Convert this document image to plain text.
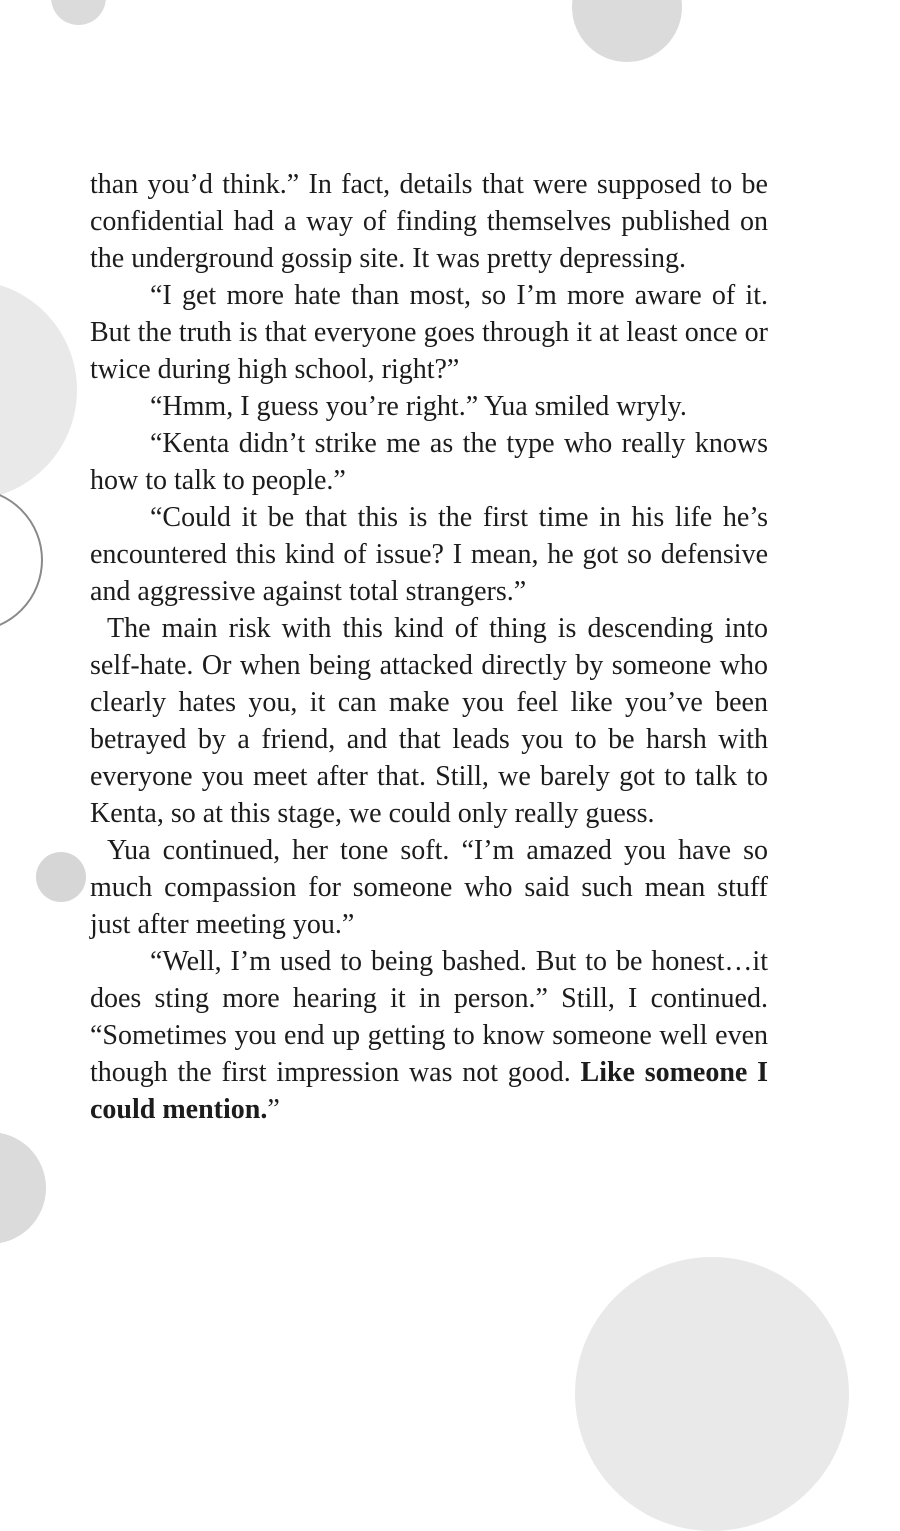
than you’d think.” In fact, details that were supposed to be confidential had a way of finding themselves published on the underground gossip site. It was pretty depressing.

“I get more hate than most, so I’m more aware of it. But the truth is that everyone goes through it at least once or twice during high school, right?”

“Hmm, I guess you’re right.” Yua smiled wryly.

“Kenta didn’t strike me as the type who really knows how to talk to people.”

“Could it be that this is the first time in his life he’s encountered this kind of issue? I mean, he got so defensive and aggressive against total strangers.”

The main risk with this kind of thing is descending into self-hate. Or when being attacked directly by someone who clearly hates you, it can make you feel like you’ve been betrayed by a friend, and that leads you to be harsh with everyone you meet after that. Still, we barely got to talk to Kenta, so at this stage, we could only really guess.

Yua continued, her tone soft. “I’m amazed you have so much compassion for someone who said such mean stuff just after meeting you.”

“Well, I’m used to being bashed. But to be honest…it does sting more hearing it in person.” Still, I continued. “Sometimes you end up getting to know someone well even though the first impression was not good. Like someone I could mention.”
